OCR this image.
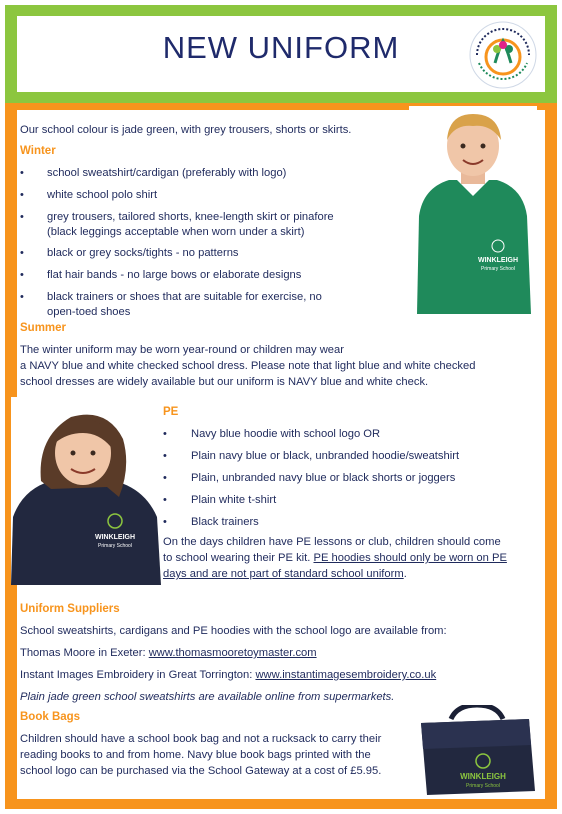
NEW UNIFORM
Our school colour is jade green, with grey trousers, shorts or skirts.
Winter
• school sweatshirt/cardigan (preferably with logo)
• white school polo shirt
• grey trousers, tailored shorts, knee-length skirt or pinafore
(black leggings acceptable when worn under a skirt)
• black or grey socks/tights - no patterns
• flat hair bands - no large bows or elaborate designs
• black trainers or shoes that are suitable for exercise, no
open-toed shoes
WINKLEIGH
Primary School
Summer
The winter uniform may be worn year-round or children may wear
a NAVY blue and white checked school dress. Please note that light blue and white checked
school dresses are widely available but our uniform is NAVY blue and white check.
WINKLEIGH
Primary School
PE
• Navy blue hoodie with school logo OR
• Plain navy blue or black, unbranded hoodie/sweatshirt
• Plain, unbranded navy blue or black shorts or joggers
• Plain white t-shirt
• Black trainers
On the days children have PE lessons or club, children should come
to school wearing their PE kit. PE hoodies should only be worn on PE
days and are not part of standard school uniform.
Uniform Suppliers
School sweatshirts, cardigans and PE hoodies with the school logo are available from:
Thomas Moore in Exeter: www.thomasmooretoymaster.com
Instant Images Embroidery in Great Torrington: www.instantimagesembroidery.co.uk
Plain jade green school sweatshirts are available online from supermarkets.
Book Bags
Children should have a school book bag and not a rucksack to carry their
reading books to and from home. Navy blue book bags printed with the
school logo can be purchased via the School Gateway at a cost of £5.95.	WINKLEIGH
Primary School
